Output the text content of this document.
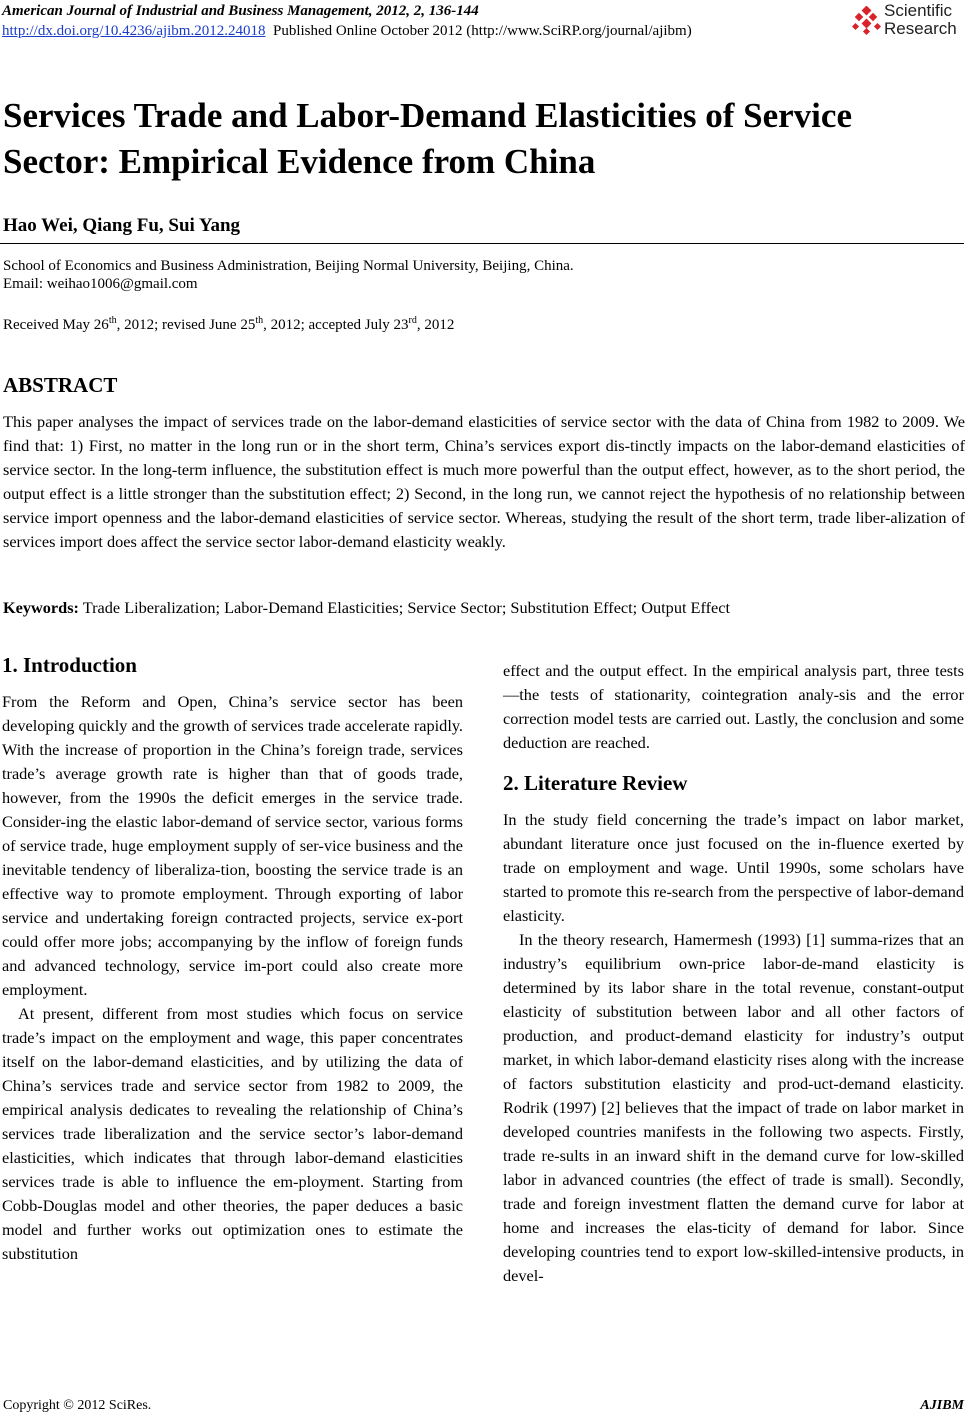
American Journal of Industrial and Business Management, 2012, 2, 136-144
http://dx.doi.org/10.4236/ajibm.2012.24018 Published Online October 2012 (http://www.SciRP.org/journal/ajibm)
Scientific
Research
Services Trade and Labor-Demand Elasticities of Service Sector: Empirical Evidence from China

Hao Wei, Qiang Fu, Sui Yang

School of Economics and Business Administration, Beijing Normal University, Beijing, China.
Email: weihao1006@gmail.com
Received May 26th, 2012; revised June 25th, 2012; accepted July 23rd, 2012
ABSTRACT

This paper analyses the impact of services trade on the labor-demand elasticities of service sector with the data of China from 1982 to 2009. We find that: 1) First, no matter in the long run or in the short term, China’s services export dis-tinctly impacts on the labor-demand elasticities of service sector. In the long-term influence, the substitution effect is much more powerful than the output effect, however, as to the short period, the output effect is a little stronger than the substitution effect; 2) Second, in the long run, we cannot reject the hypothesis of no relationship between service import openness and the labor-demand elasticities of service sector. Whereas, studying the result of the short term, trade liber-alization of services import does affect the service sector labor-demand elasticity weakly.

Keywords: Trade Liberalization; Labor-Demand Elasticities; Service Sector; Substitution Effect; Output Effect

1. Introduction

From the Reform and Open, China’s service sector has been developing quickly and the growth of services trade accelerate rapidly. With the increase of proportion in the China’s foreign trade, services trade’s average growth rate is higher than that of goods trade, however, from the 1990s the deficit emerges in the service trade. Consider-ing the elastic labor-demand of service sector, various forms of service trade, huge employment supply of ser-vice business and the inevitable tendency of liberaliza-tion, boosting the service trade is an effective way to promote employment. Through exporting of labor service and undertaking foreign contracted projects, service ex-port could offer more jobs; accompanying by the inflow of foreign funds and advanced technology, service im-port could also create more employment.

At present, different from most studies which focus on service trade’s impact on the employment and wage, this paper concentrates itself on the labor-demand elasticities, and by utilizing the data of China’s services trade and service sector from 1982 to 2009, the empirical analysis dedicates to revealing the relationship of China’s services trade liberalization and the service sector’s labor-demand elasticities, which indicates that through labor-demand elasticities services trade is able to influence the em-ployment. Starting from Cobb-Douglas model and other theories, the paper deduces a basic model and further works out optimization ones to estimate the substitution

effect and the output effect. In the empirical analysis part, three tests—the tests of stationarity, cointegration analy-sis and the error correction model tests are carried out. Lastly, the conclusion and some deduction are reached.

2. Literature Review

In the study field concerning the trade’s impact on labor market, abundant literature once just focused on the in-fluence exerted by trade on employment and wage. Until 1990s, some scholars have started to promote this re-search from the perspective of labor-demand elasticity.

In the theory research, Hamermesh (1993) [1] summa-rizes that an industry’s equilibrium own-price labor-de-mand elasticity is determined by its labor share in the total revenue, constant-output elasticity of substitution between labor and all other factors of production, and product-demand elasticity for industry’s output market, in which labor-demand elasticity rises along with the increase of factors substitution elasticity and prod-uct-demand elasticity. Rodrik (1997) [2] believes that the impact of trade on labor market in developed countries manifests in the following two aspects. Firstly, trade re-sults in an inward shift in the demand curve for low-skilled labor in advanced countries (the effect of trade is small). Secondly, trade and foreign investment flatten the demand curve for labor at home and increases the elas-ticity of demand for labor. Since developing countries tend to export low-skilled-intensive products, in devel-

Copyright © 2012 SciRes.	AJIBM
